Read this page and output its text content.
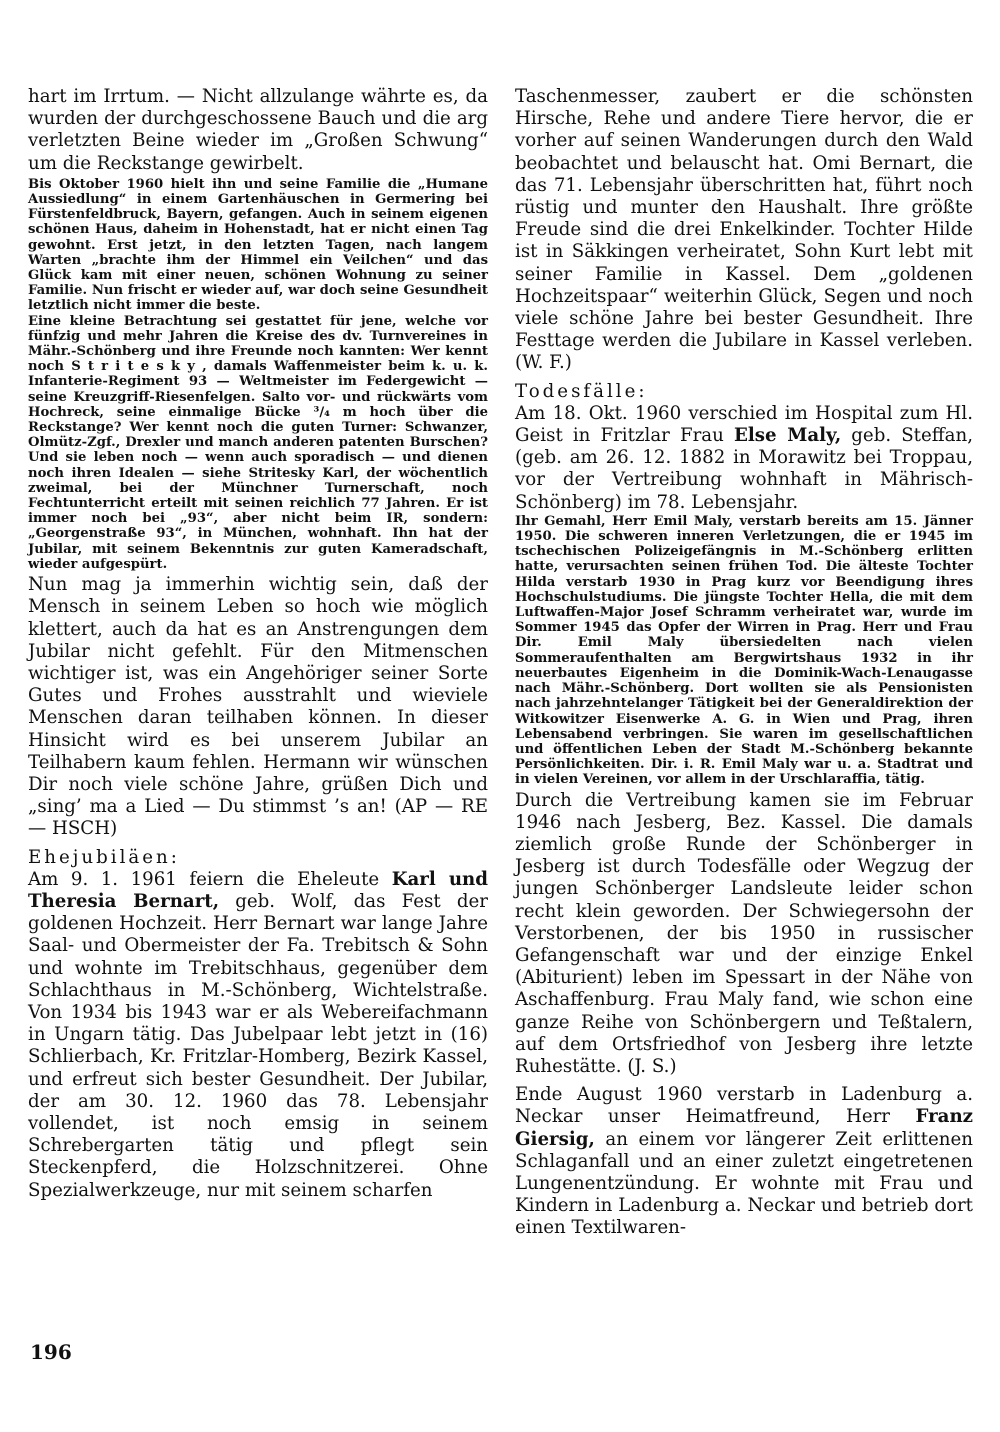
hart im Irrtum. — Nicht allzulange währte es, da wurden der durchgeschossene Bauch und die arg verletzten Beine wieder im „Großen Schwung“ um die Reckstange gewirbelt.

Bis Oktober 1960 hielt ihn und seine Familie die „Humane Aussiedlung“ in einem Gartenhäuschen in Germering bei Fürstenfeldbruck, Bayern, gefangen. Auch in seinem eigenen schönen Haus, daheim in Hohenstadt, hat er nicht einen Tag gewohnt. Erst jetzt, in den letzten Tagen, nach langem Warten „brachte ihm der Himmel ein Veilchen“ und das Glück kam mit einer neuen, schönen Wohnung zu seiner Familie. Nun frischt er wieder auf, war doch seine Gesundheit letztlich nicht immer die beste.

Eine kleine Betrachtung sei gestattet für jene, welche vor fünfzig und mehr Jahren die Kreise des dv. Turnvereines in Mähr.-Schönberg und ihre Freunde noch kannten: Wer kennt noch S t r i t e s k y , damals Waffenmeister beim k. u. k. Infanterie-Regiment 93 — Weltmeister im Federgewicht — seine Kreuzgriff-Riesenfelgen. Salto vor- und rückwärts vom Hochreck, seine einmalige Bücke ³/₄ m hoch über die Reckstange? Wer kennt noch die guten Turner: Schwanzer, Olmütz-Zgf., Drexler und manch anderen patenten Burschen? Und sie leben noch — wenn auch sporadisch — und dienen noch ihren Idealen — siehe Stritesky Karl, der wöchentlich zweimal, bei der Münchner Turnerschaft, noch Fechtunterricht erteilt mit seinen reichlich 77 Jahren. Er ist immer noch bei „93“, aber nicht beim IR, sondern: „Georgenstraße 93“, in München, wohnhaft. Ihn hat der Jubilar, mit seinem Bekenntnis zur guten Kameradschaft, wieder aufgespürt.

Nun mag ja immerhin wichtig sein, daß der Mensch in seinem Leben so hoch wie möglich klettert, auch da hat es an Anstrengungen dem Jubilar nicht gefehlt. Für den Mitmenschen wichtiger ist, was ein Angehöriger seiner Sorte Gutes und Frohes ausstrahlt und wieviele Menschen daran teilhaben können. In dieser Hinsicht wird es bei unserem Jubilar an Teilhabern kaum fehlen. Hermann wir wünschen Dir noch viele schöne Jahre, grüßen Dich und „sing’ ma a Lied — Du stimmst ’s an! (AP — RE — HSCH)

Ehejubiläen:

Am 9. 1. 1961 feiern die Eheleute Karl und Theresia Bernart, geb. Wolf, das Fest der goldenen Hochzeit. Herr Bernart war lange Jahre Saal- und Obermeister der Fa. Trebitsch & Sohn und wohnte im Trebitschhaus, gegenüber dem Schlachthaus in M.-Schönberg, Wichtelstraße. Von 1934 bis 1943 war er als Webereifachmann in Ungarn tätig. Das Jubelpaar lebt jetzt in (16) Schlierbach, Kr. Fritzlar-Homberg, Bezirk Kassel, und erfreut sich bester Gesundheit. Der Jubilar, der am 30. 12. 1960 das 78. Lebensjahr vollendet, ist noch emsig in seinem Schrebergarten tätig und pflegt sein Steckenpferd, die Holzschnitzerei. Ohne Spezialwerkzeuge, nur mit seinem scharfen

Taschenmesser, zaubert er die schönsten Hirsche, Rehe und andere Tiere hervor, die er vorher auf seinen Wanderungen durch den Wald beobachtet und belauscht hat. Omi Bernart, die das 71. Lebensjahr überschritten hat, führt noch rüstig und munter den Haushalt. Ihre größte Freude sind die drei Enkelkinder. Tochter Hilde ist in Säkkingen verheiratet, Sohn Kurt lebt mit seiner Familie in Kassel. Dem „goldenen Hochzeitspaar“ weiterhin Glück, Segen und noch viele schöne Jahre bei bester Gesundheit. Ihre Festtage werden die Jubilare in Kassel verleben. (W. F.)

Todesfälle:

Am 18. Okt. 1960 verschied im Hospital zum Hl. Geist in Fritzlar Frau Else Maly, geb. Steffan, (geb. am 26. 12. 1882 in Morawitz bei Troppau, vor der Vertreibung wohnhaft in Mährisch-Schönberg) im 78. Lebensjahr.

Ihr Gemahl, Herr Emil Maly, verstarb bereits am 15. Jänner 1950. Die schweren inneren Verletzungen, die er 1945 im tschechischen Polizeigefängnis in M.-Schönberg erlitten hatte, verursachten seinen frühen Tod. Die älteste Tochter Hilda verstarb 1930 in Prag kurz vor Beendigung ihres Hochschulstudiums. Die jüngste Tochter Hella, die mit dem Luftwaffen-Major Josef Schramm verheiratet war, wurde im Sommer 1945 das Opfer der Wirren in Prag. Herr und Frau Dir. Emil Maly übersiedelten nach vielen Sommeraufenthalten am Bergwirtshaus 1932 in ihr neuerbautes Eigenheim in die Dominik-Wach-Lenaugasse nach Mähr.-Schönberg. Dort wollten sie als Pensionisten nach jahrzehntelanger Tätigkeit bei der Generaldirektion der Witkowitzer Eisenwerke A. G. in Wien und Prag, ihren Lebensabend verbringen. Sie waren im gesellschaftlichen und öffentlichen Leben der Stadt M.-Schönberg bekannte Persönlichkeiten. Dir. i. R. Emil Maly war u. a. Stadtrat und in vielen Vereinen, vor allem in der Urschlaraffia, tätig.

Durch die Vertreibung kamen sie im Februar 1946 nach Jesberg, Bez. Kassel. Die damals ziemlich große Runde der Schönberger in Jesberg ist durch Todesfälle oder Wegzug der jungen Schönberger Landsleute leider schon recht klein geworden. Der Schwiegersohn der Verstorbenen, der bis 1950 in russischer Gefangenschaft war und der einzige Enkel (Abiturient) leben im Spessart in der Nähe von Aschaffenburg. Frau Maly fand, wie schon eine ganze Reihe von Schönbergern und Teßtalern, auf dem Ortsfriedhof von Jesberg ihre letzte Ruhestätte. (J. S.)

Ende August 1960 verstarb in Ladenburg a. Neckar unser Heimatfreund, Herr Franz Giersig, an einem vor längerer Zeit erlittenen Schlaganfall und an einer zuletzt eingetretenen Lungenentzündung. Er wohnte mit Frau und Kindern in Ladenburg a. Neckar und betrieb dort einen Textilwaren-

196
